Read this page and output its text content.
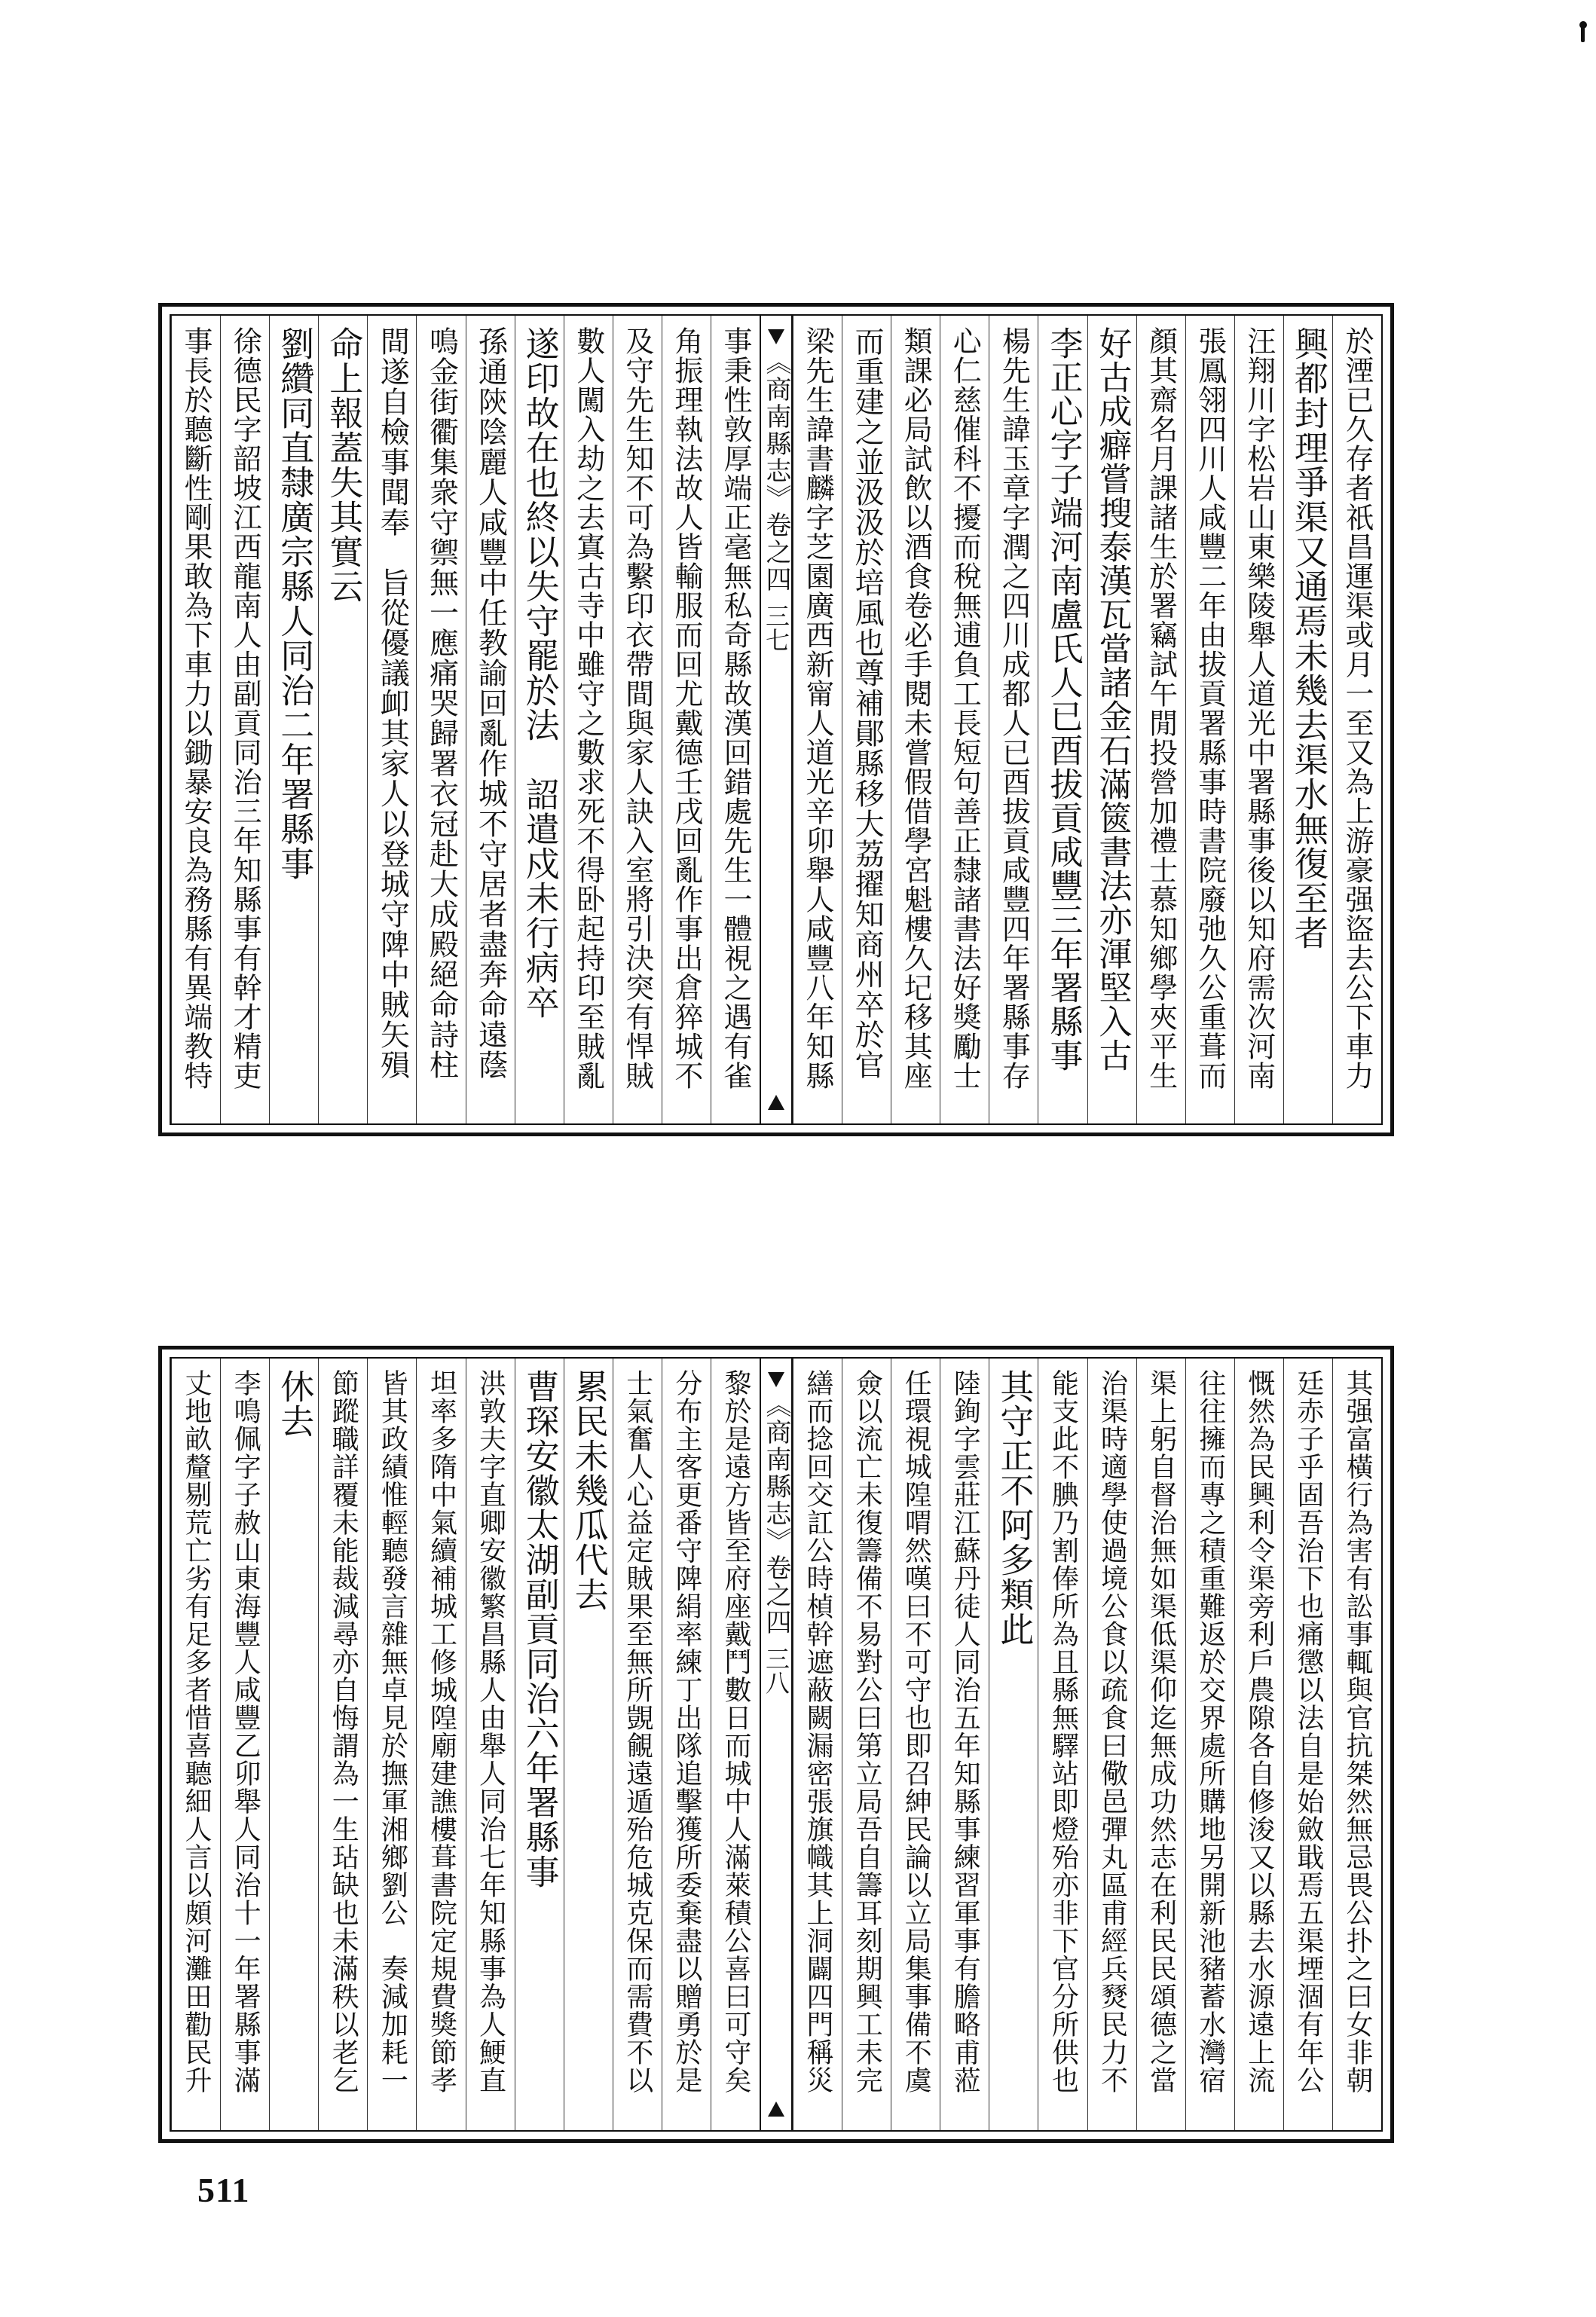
於湮已久存者祇昌運渠或月一至又為上游豪强盜去公下車力
興都封理爭渠又通焉未幾去渠水無復至者
汪翔川字松岩山東樂陵舉人道光中署縣事後以知府需次河南
張鳳翎四川人咸豐二年由拔貢署縣事時書院廢弛久公重葺而
顏其齋名月課諸生於署竊試午閒投營加禮士慕知鄉學夾平生
好古成癖嘗搜泰漢瓦當諸金石滿篋書法亦渾堅入古
李正心字子端河南盧氏人已酉拔貢咸豐三年署縣事
楊先生諱玉章字潤之四川成都人已酉拔貢咸豐四年署縣事存
心仁慈催科不擾而稅無逋負工長短句善正隸諸書法好獎勵士
類課必局試飲以酒食卷必手閱未嘗假借學宮魁樓久圮移其座
而重建之並汲汲於培風也尊補鄖縣移大荔擢知商州卒於官
梁先生諱書麟字芝園廣西新甯人道光辛卯舉人咸豐八年知縣
《商南縣志》卷之四
三七
事秉性敦厚端正毫無私奇縣故漢回錯處先生一體視之遇有雀
角振理執法故人皆輸服而回尤戴德壬戌回亂作事出倉猝城不
及守先生知不可為繫印衣帶間與家人訣入室將引決突有悍賊
數人闖入劫之去寘古寺中雖守之數求死不得卧起持印至賊亂
遂印故在也終以失守罷於法　詔遣戍未行病卒
孫通陝陰麗人咸豐中任教諭回亂作城不守居者盡奔命遠蔭
鳴金街衢集衆守禦無一應痛哭歸署衣冠赴大成殿絕命詩柱
間遂自檢事聞奉　旨從優議卹其家人以登城守陴中賊矢殞
命上報蓋失其實云
劉纘同直隸廣宗縣人同治二年署縣事
徐德民字韶坡江西龍南人由副貢同治三年知縣事有幹才精吏
事長於聽斷性剛果敢為下車力以鋤暴安良為務縣有異端教特
其强富橫行為害有訟事輒與官抗桀然無忌畏公扑之曰女非朝
廷赤子乎固吾治下也痛懲以法自是始斂戢焉五渠堙涸有年公
慨然為民興利令渠旁利戶農隙各自修浚又以縣去水源遠上流
往往擁而專之積重難返於交界處所購地另開新池豬蓄水灣宿
渠上躬自督治無如渠低渠仰迄無成功然志在利民民頌德之當
治渠時適學使過境公食以疏食曰儆邑彈丸區甫經兵燹民力不
能支此不腆乃割俸所為且縣無驛站即燈殆亦非下官分所供也
其守正不阿多類此
陸銁字雲莊江蘇丹徒人同治五年知縣事練習軍事有膽略甫蒞
任環視城隍喟然嘆曰不可守也即召紳民論以立局集事備不虞
僉以流亡未復籌備不易對公曰第立局吾自籌耳刻期興工未完
繕而捻回交訌公時楨幹遮蔽闕漏密張旗幟其上洞闢四門稱災
《商南縣志》卷之四
三八
黎於是遠方皆至府座戴鬥數日而城中人滿萊積公喜曰可守矣
分布主客更番守陴絹率練丁出隊追擊獲所委棄盡以贈勇於是
士氣奮人心益定賊果至無所覬覦遠遁殆危城克保而需費不以
累民未幾瓜代去
曹琛安徽太湖副貢同治六年署縣事
洪敦夫字直卿安徽繁昌縣人由舉人同治七年知縣事為人鯁直
坦率多隋中氣續補城工修城隍廟建譙樓葺書院定規費獎節孝
皆其政績惟輕聽發言雜無卓見於撫軍湘鄉劉公　奏減加耗一
節蹤職詳覆未能裁減尋亦自悔謂為一生玷缺也未滿秩以老乞
休去
李鳴佩字子赦山東海豐人咸豐乙卯舉人同治十一年署縣事滿
丈地畝釐剔荒亡劣有足多者惜喜聽細人言以頗河灘田勸民升
511
